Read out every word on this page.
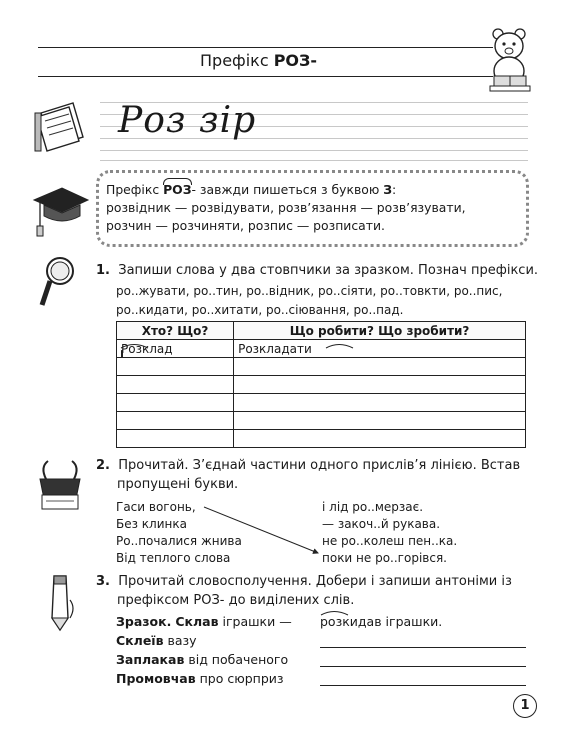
Префікс РОЗ-
Роз зір
Префікс РОЗ- завжди пишеться з буквою З:
розвідник — розвідувати, розв’язання — розв’язувати,
розчин — розчиняти, розпис — розписати.
1. Запиши слова у два стовпчики за зразком. Познач префікси.
ро..жувати, ро..тин, ро..відник, ро..сіяти, ро..товкти, ро..пис,
ро..кидати, ро..хитати, ро..сіювання, ро..пад.
Хто? Що?	Що робити? Що зробити?
Розклад	Розкладати

2. Прочитай. З’єднай частини одного прислів’я лінією. Встав
пропущені букви.
Гаси вогонь,
Без клинка
Ро..почалися жнива
Від теплого слова
і лід ро..мерзає.
— закоч..й рукава.
не ро..колеш пен..ка.
поки не ро..горівся.
3. Прочитай словосполучення. Добери і запиши антоніми із
префіксом РОЗ- до виділених слів.
Зразок. Склав іграшки —
Склеїв вазу
Заплакав від побаченого
Промовчав про сюрприз
розкидав іграшки.
1
